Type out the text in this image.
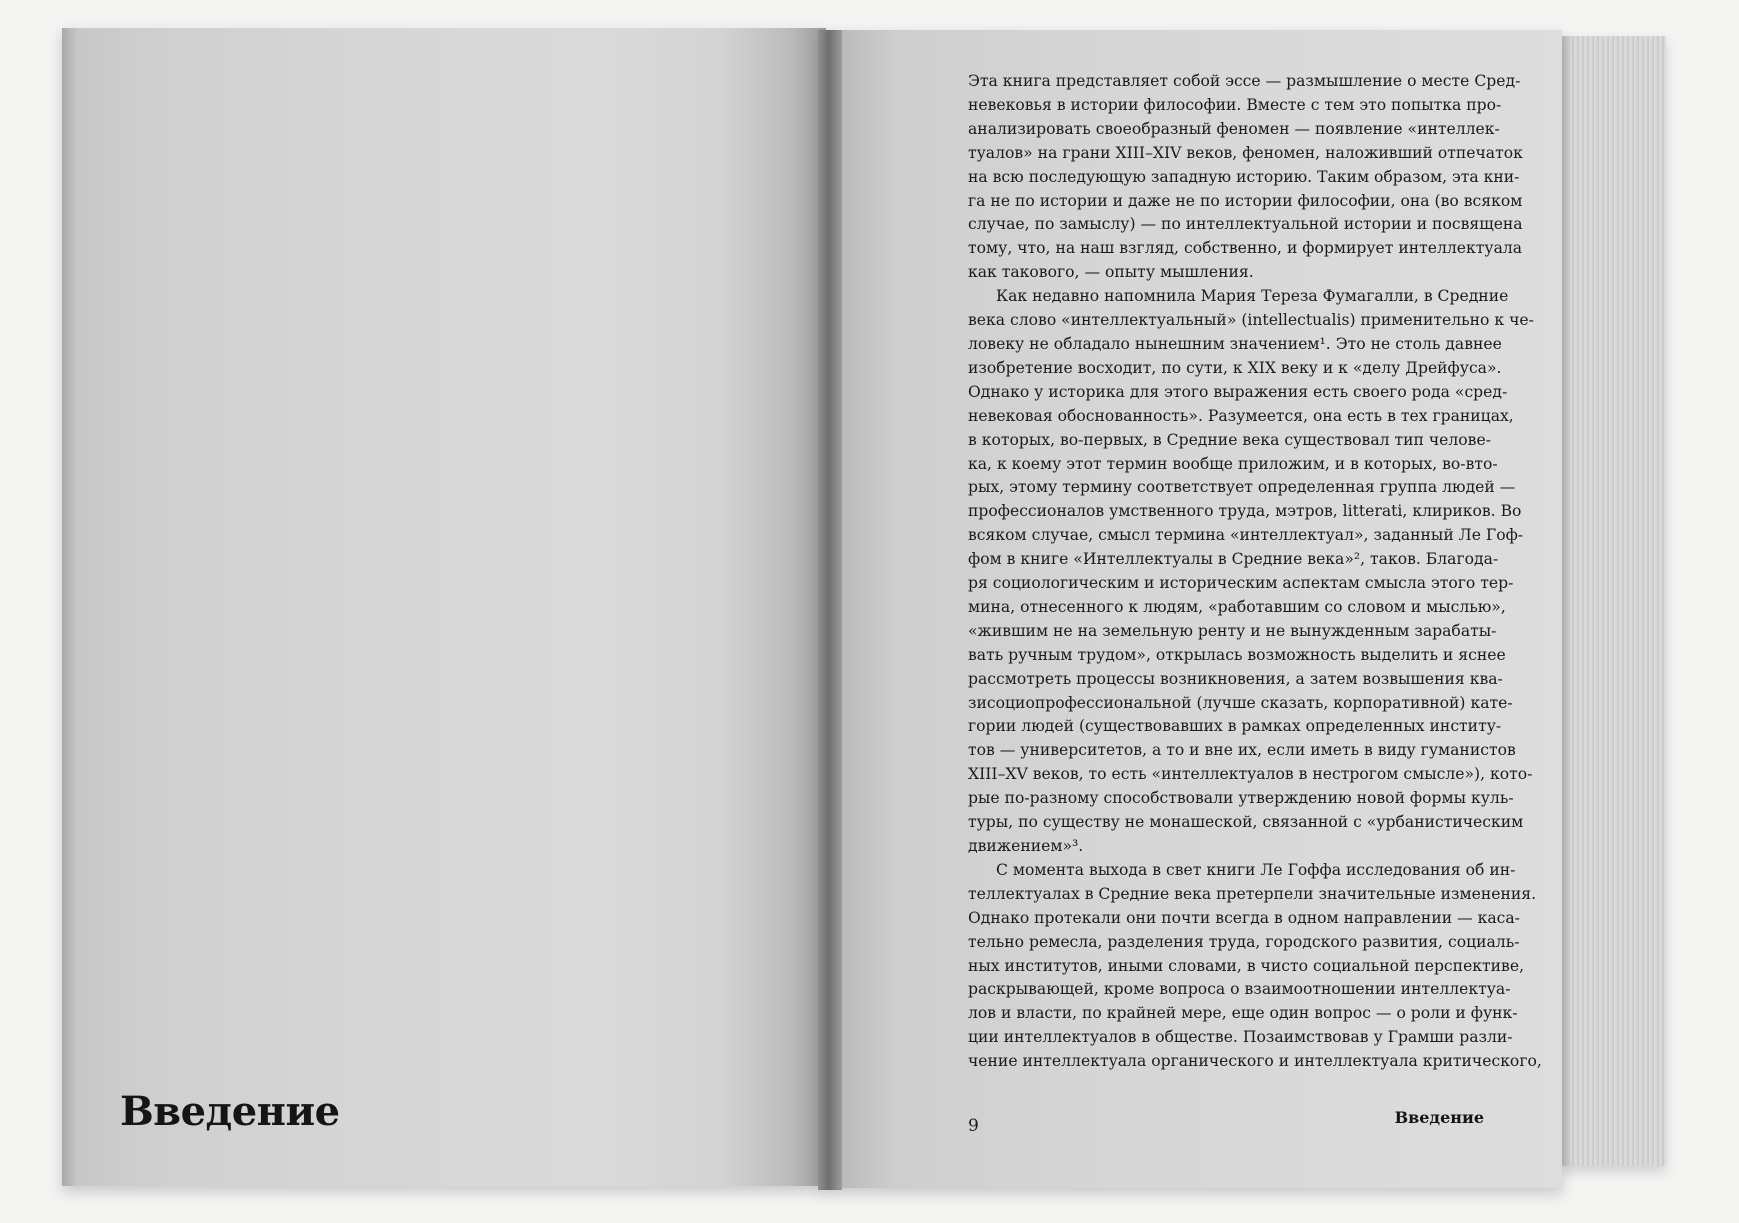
Введение
Эта книга представляет собой эссе — размышление о месте Сред-
невековья в истории философии. Вместе с тем это попытка про-
анализировать своеобразный феномен — появление «интеллек-
туалов» на грани XIII–XIV веков, феномен, наложивший отпечаток
на всю последующую западную историю. Таким образом, эта кни-
га не по истории и даже не по истории философии, она (во всяком
случае, по замыслу) — по интеллектуальной истории и посвящена
тому, что, на наш взгляд, собственно, и формирует интеллектуала
как такового, — опыту мышления.
Как недавно напомнила Мария Тереза Фумагалли, в Средние
века слово «интеллектуальный» (intellectualis) применительно к че-
ловеку не обладало нынешним значением¹. Это не столь давнее
изобретение восходит, по сути, к XIX веку и к «делу Дрейфуса».
Однако у историка для этого выражения есть своего рода «сред-
невековая обоснованность». Разумеется, она есть в тех границах,
в которых, во-первых, в Средние века существовал тип челове-
ка, к коему этот термин вообще приложим, и в которых, во-вто-
рых, этому термину соответствует определенная группа людей —
профессионалов умственного труда, мэтров, litterati, клириков. Во
всяком случае, смысл термина «интеллектуал», заданный Ле Гоф-
фом в книге «Интеллектуалы в Средние века»², таков. Благода-
ря социологическим и историческим аспектам смысла этого тер-
мина, отнесенного к людям, «работавшим со словом и мыслью»,
«жившим не на земельную ренту и не вынужденным зарабаты-
вать ручным трудом», открылась возможность выделить и яснее
рассмотреть процессы возникновения, а затем возвышения ква-
зисоциопрофессиональной (лучше сказать, корпоративной) кате-
гории людей (существовавших в рамках определенных институ-
тов — университетов, а то и вне их, если иметь в виду гуманистов
XIII–XV веков, то есть «интеллектуалов в нестрогом смысле»), кото-
рые по-разному способствовали утверждению новой формы куль-
туры, по существу не монашеской, связанной с «урбанистическим
движением»³.
С момента выхода в свет книги Ле Гоффа исследования об ин-
теллектуалах в Средние века претерпели значительные изменения.
Однако протекали они почти всегда в одном направлении — каса-
тельно ремесла, разделения труда, городского развития, социаль-
ных институтов, иными словами, в чисто социальной перспективе,
раскрывающей, кроме вопроса о взаимоотношении интеллектуа-
лов и власти, по крайней мере, еще один вопрос — о роли и функ-
ции интеллектуалов в обществе. Позаимствовав у Грамши разли-
чение интеллектуала органического и интеллектуала критического,
9	Введение
